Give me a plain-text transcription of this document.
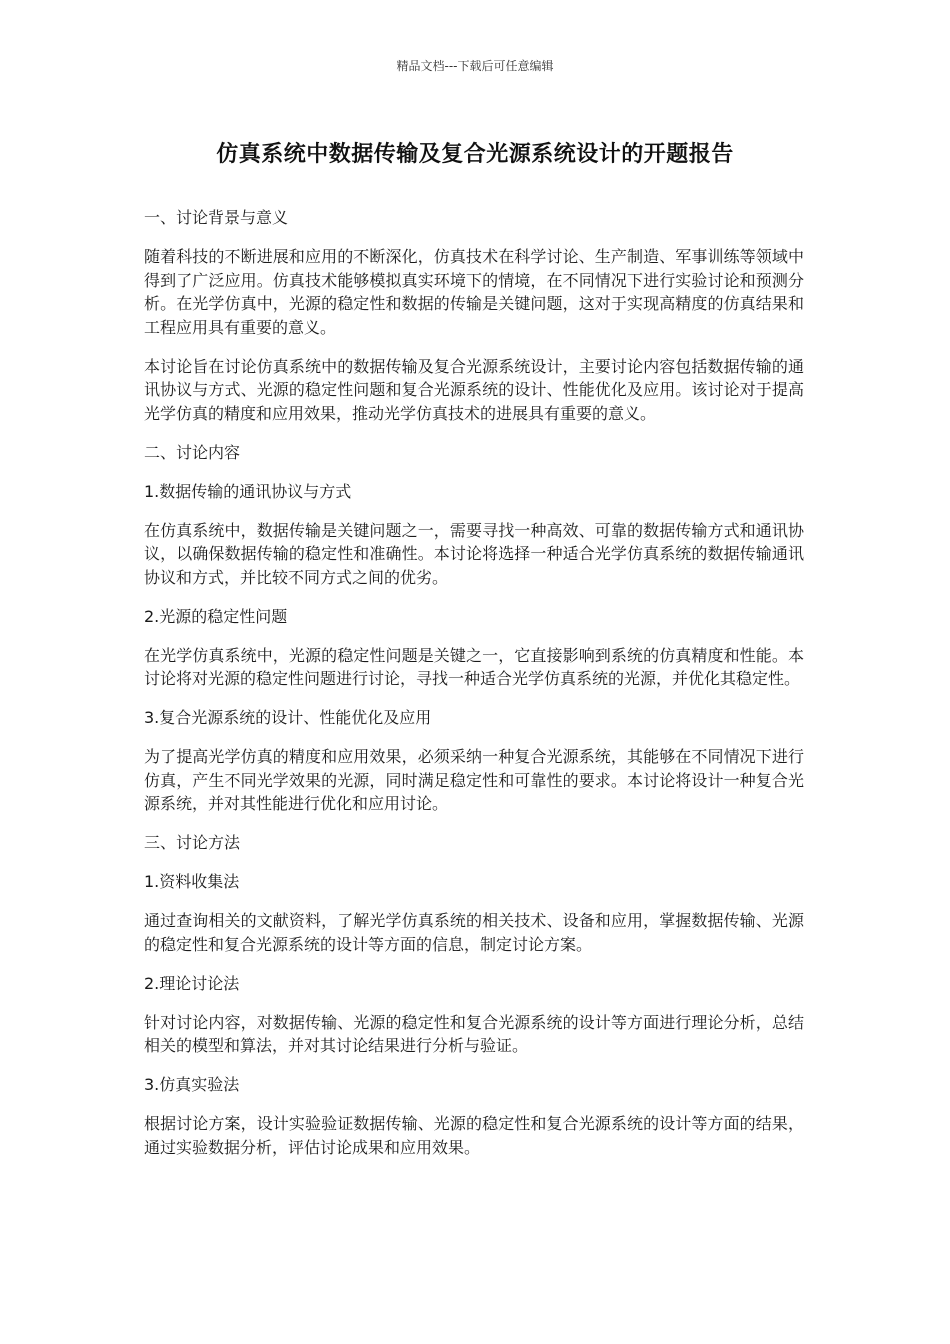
精品文档---下载后可任意编辑
仿真系统中数据传输及复合光源系统设计的开题报告
一、讨论背景与意义
随着科技的不断进展和应用的不断深化，仿真技术在科学讨论、生产制造、军事训练等领域中得到了广泛应用。仿真技术能够模拟真实环境下的情境，在不同情况下进行实验讨论和预测分析。在光学仿真中，光源的稳定性和数据的传输是关键问题，这对于实现高精度的仿真结果和工程应用具有重要的意义。
本讨论旨在讨论仿真系统中的数据传输及复合光源系统设计，主要讨论内容包括数据传输的通讯协议与方式、光源的稳定性问题和复合光源系统的设计、性能优化及应用。该讨论对于提高光学仿真的精度和应用效果，推动光学仿真技术的进展具有重要的意义。
二、讨论内容
1.数据传输的通讯协议与方式
在仿真系统中，数据传输是关键问题之一，需要寻找一种高效、可靠的数据传输方式和通讯协议，以确保数据传输的稳定性和准确性。本讨论将选择一种适合光学仿真系统的数据传输通讯协议和方式，并比较不同方式之间的优劣。
2.光源的稳定性问题
在光学仿真系统中，光源的稳定性问题是关键之一，它直接影响到系统的仿真精度和性能。本讨论将对光源的稳定性问题进行讨论，寻找一种适合光学仿真系统的光源，并优化其稳定性。
3.复合光源系统的设计、性能优化及应用
为了提高光学仿真的精度和应用效果，必须采纳一种复合光源系统，其能够在不同情况下进行仿真，产生不同光学效果的光源，同时满足稳定性和可靠性的要求。本讨论将设计一种复合光源系统，并对其性能进行优化和应用讨论。
三、讨论方法
1.资料收集法
通过查询相关的文献资料，了解光学仿真系统的相关技术、设备和应用，掌握数据传输、光源的稳定性和复合光源系统的设计等方面的信息，制定讨论方案。
2.理论讨论法
针对讨论内容，对数据传输、光源的稳定性和复合光源系统的设计等方面进行理论分析，总结相关的模型和算法，并对其讨论结果进行分析与验证。
3.仿真实验法
根据讨论方案，设计实验验证数据传输、光源的稳定性和复合光源系统的设计等方面的结果，通过实验数据分析，评估讨论成果和应用效果。
